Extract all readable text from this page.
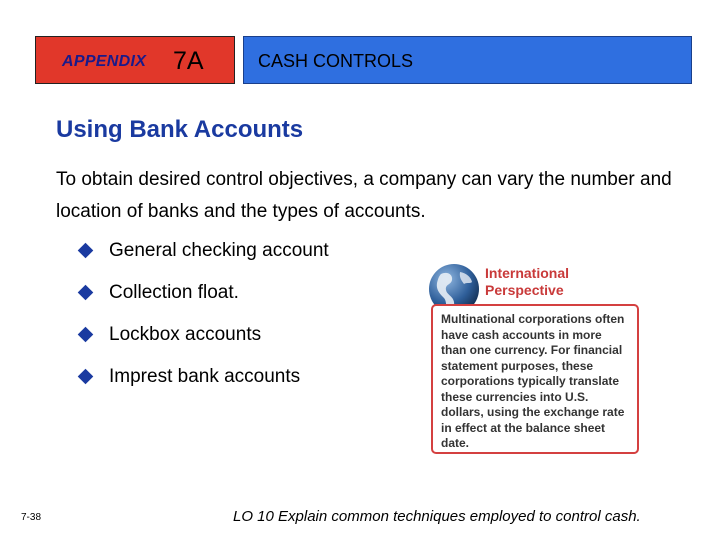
APPENDIX 7A	CASH CONTROLS
Using Bank Accounts
To obtain desired control objectives, a company can vary the number and location of banks and the types of accounts.
General checking account
Collection float.
Lockbox accounts
Imprest bank accounts
International
Perspective
Multinational corporations often
have cash accounts in more
than one currency. For financial
statement purposes, these
corporations typically translate
these currencies into U.S.
dollars, using the exchange rate
in effect at the balance sheet date.
7-38	LO 10 Explain common techniques employed to control cash.
